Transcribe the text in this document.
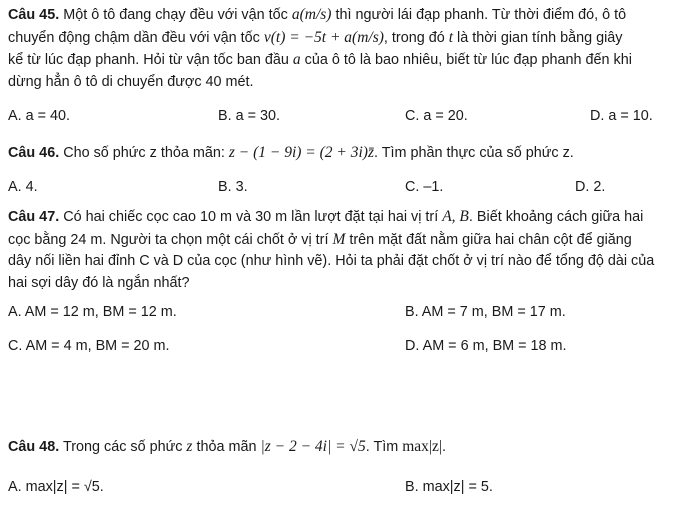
Câu 45. Một ô tô đang chạy đều với vận tốc a(m/s) thì người lái đạp phanh. Từ thời điểm đó, ô tô
chuyển động chậm dần đều với vận tốc v(t) = −5t + a(m/s), trong đó t là thời gian tính bằng giây
kể từ lúc đạp phanh. Hỏi từ vận tốc ban đầu a của ô tô là bao nhiêu, biết từ lúc đạp phanh đến khi
dừng hẳn ô tô di chuyển được 40 mét.
A. a = 40.	B. a = 30.	C. a = 20.	D. a = 10.
Câu 46. Cho số phức z thỏa mãn: z − (1 − 9i) = (2 + 3i)z̄. Tìm phần thực của số phức z.
A. 4.	B. 3.	C. –1.	D. 2.
Câu 47. Có hai chiếc cọc cao 10 m và 30 m lần lượt đặt tại hai vị trí A, B. Biết khoảng cách giữa hai
cọc bằng 24 m. Người ta chọn một cái chốt ở vị trí M trên mặt đất nằm giữa hai chân cột để giăng
dây nối liền hai đỉnh C và D của cọc (như hình vẽ). Hỏi ta phải đặt chốt ở vị trí nào để tổng độ dài của
hai sợi dây đó là ngắn nhất?
A. AM = 12 m, BM = 12 m.	B. AM = 7 m, BM = 17 m.
C. AM = 4 m, BM = 20 m.	D. AM = 6 m, BM = 18 m.
Câu 48. Trong các số phức z thỏa mãn |z − 2 − 4i| = √5. Tìm max|z|.
A. max|z| = √5.	B. max|z| = 5.
